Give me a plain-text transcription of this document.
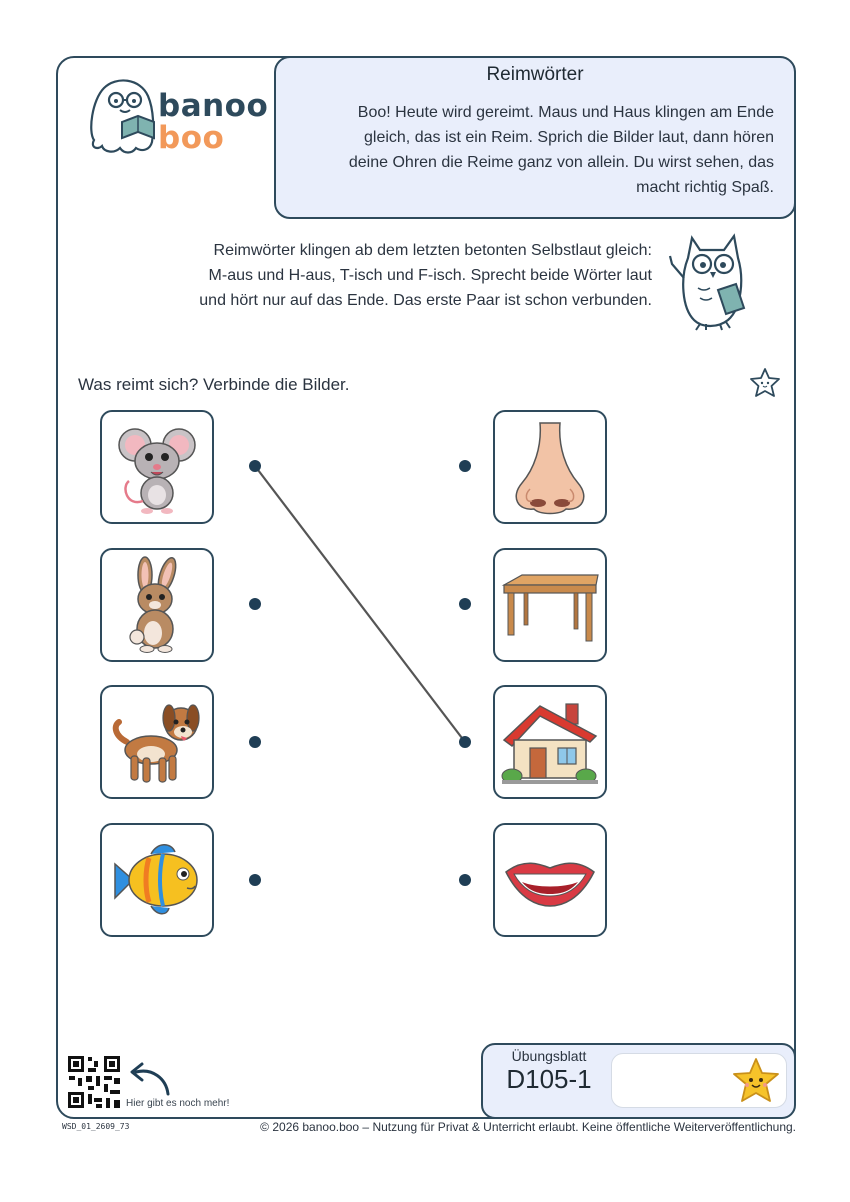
banoo
boo
Reimwörter
Boo! Heute wird gereimt. Maus und Haus klingen am Ende
gleich, das ist ein Reim. Sprich die Bilder laut, dann hören
deine Ohren die Reime ganz von allein. Du wirst sehen, das
macht richtig Spaß.
Reimwörter klingen ab dem letzten betonten Selbstlaut gleich:
M-aus und H-aus, T-isch und F-isch. Sprecht beide Wörter laut
und hört nur auf das Ende. Das erste Paar ist schon verbunden.
Was reimt sich? Verbinde die Bilder.
Hier gibt es noch mehr!
Übungsblatt
D105-1
WSD_01_2609_73	© 2026 banoo.boo – Nutzung für Privat & Unterricht erlaubt. Keine öffentliche Weiterveröffentlichung.
